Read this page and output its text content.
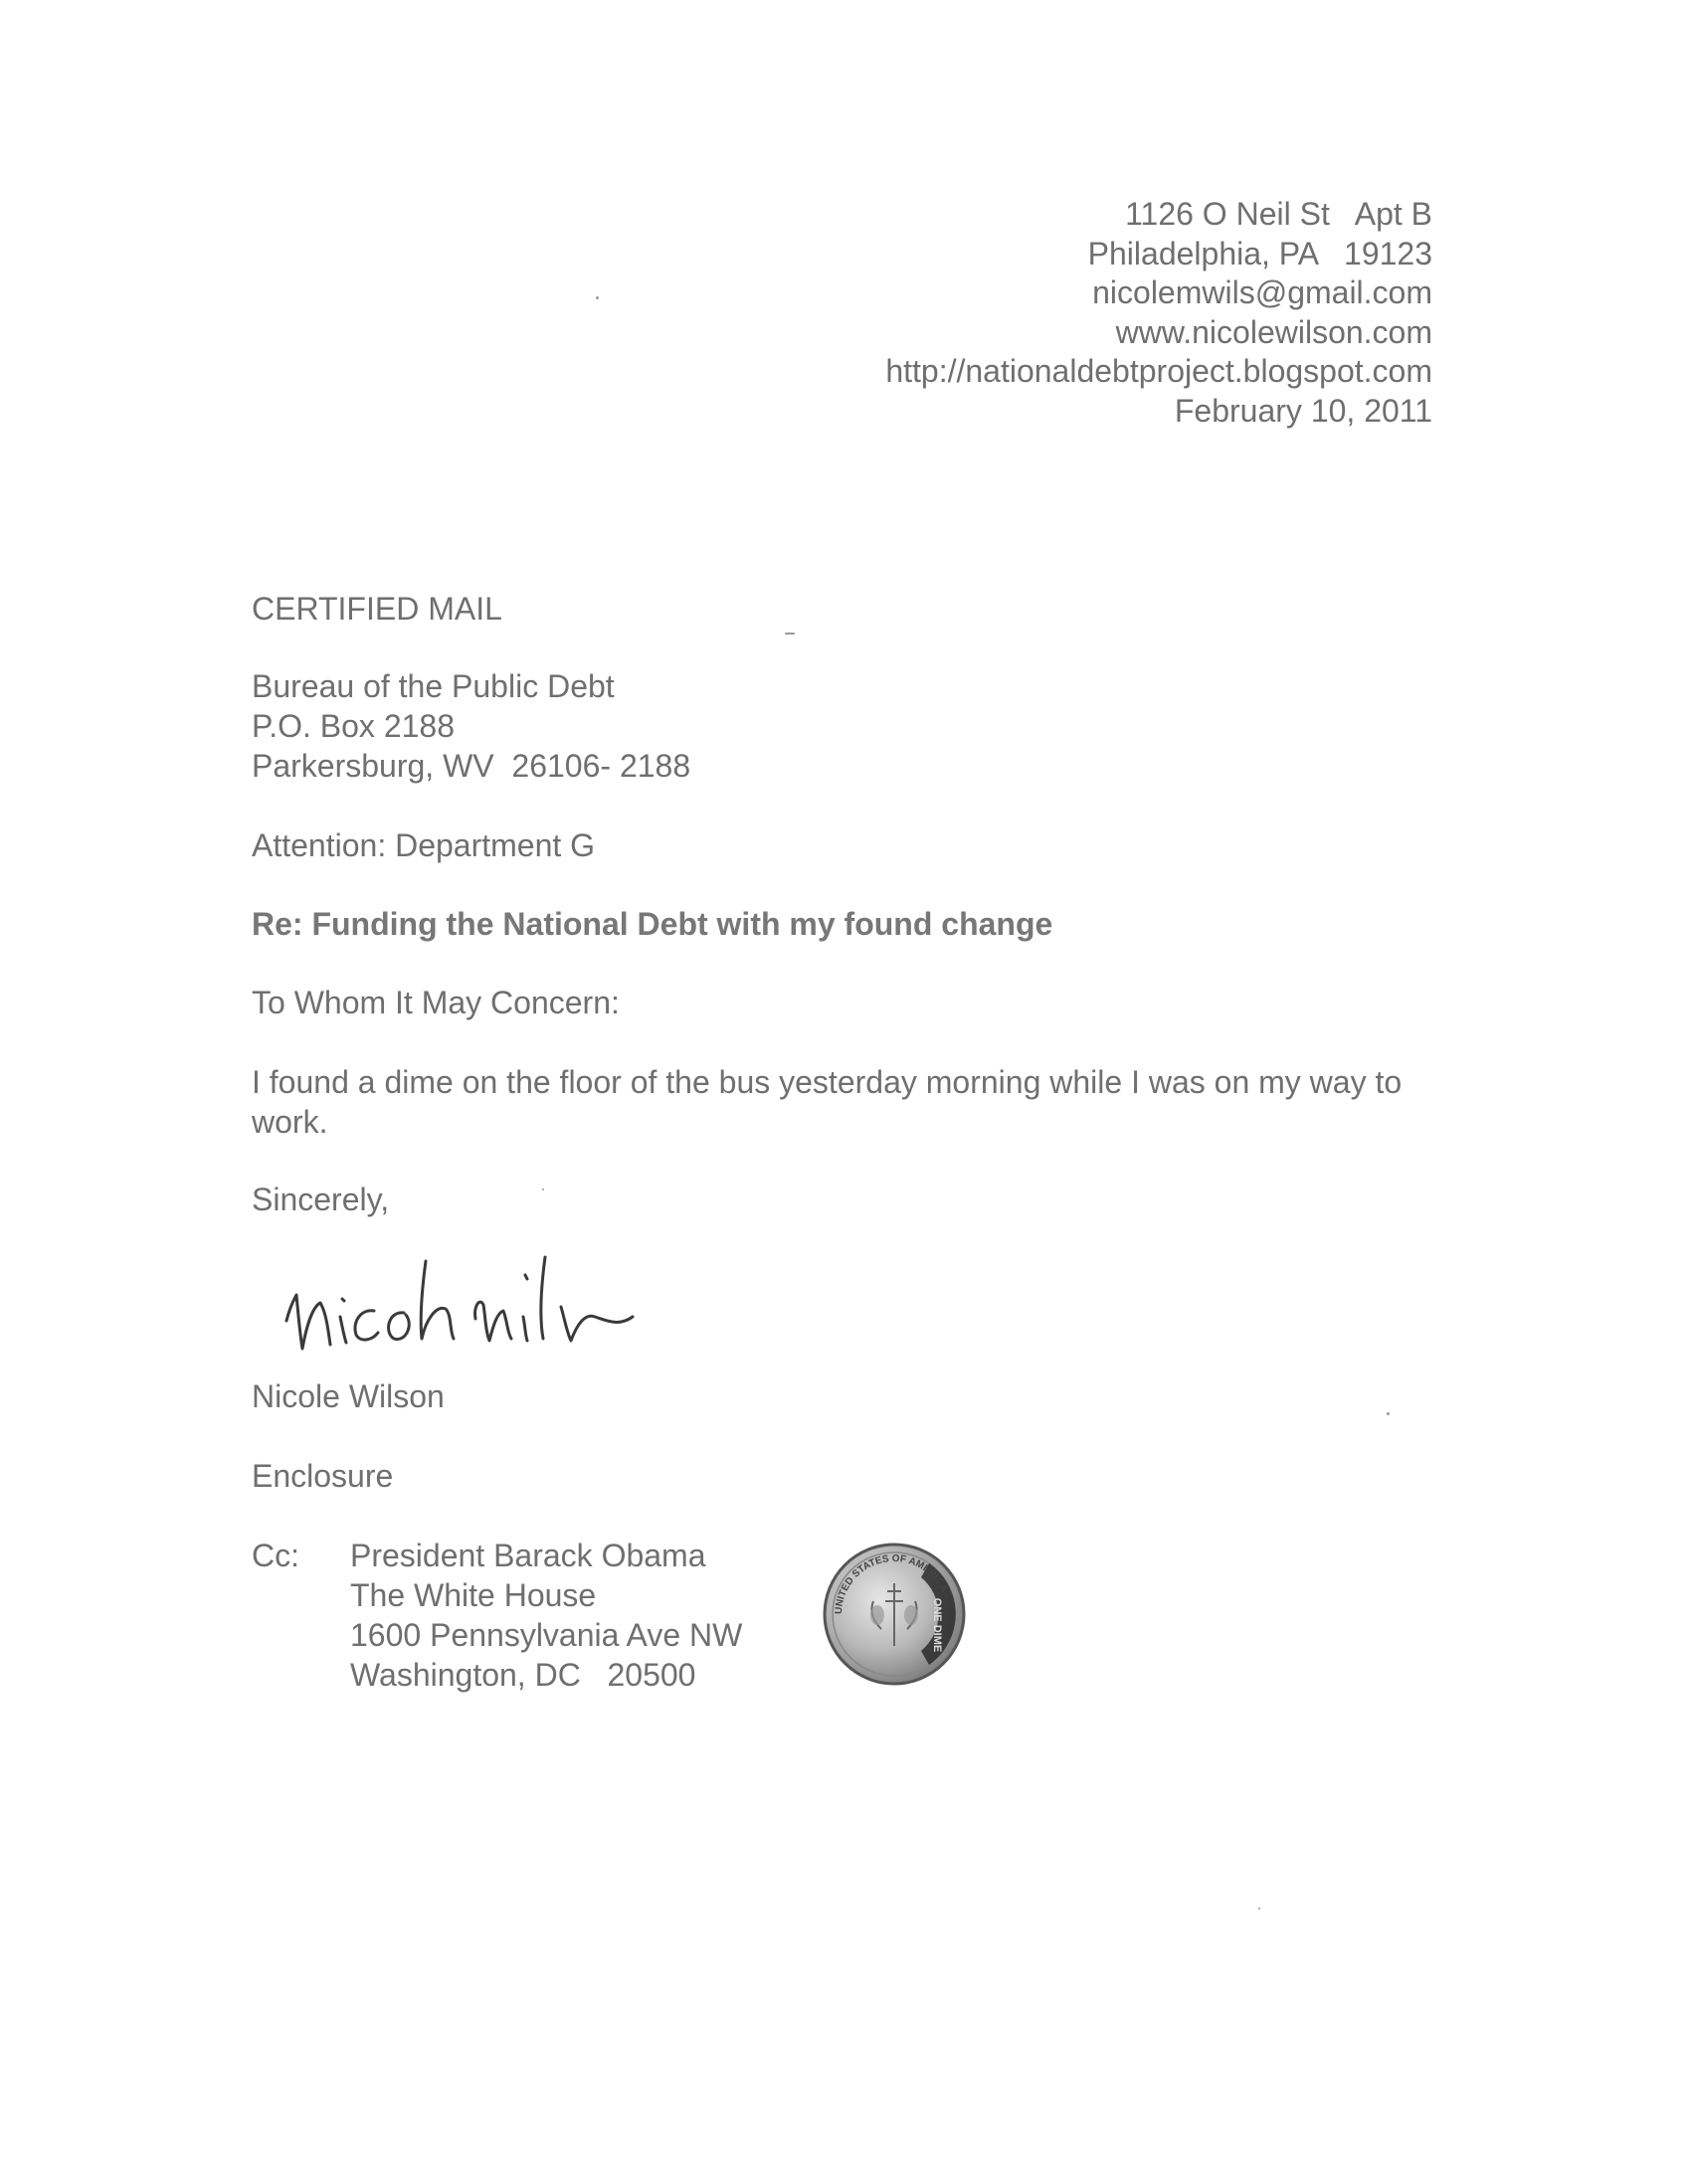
1126 O Neil St   Apt B
Philadelphia, PA   19123
nicolemwils@gmail.com
www.nicolewilson.com
http://nationaldebtproject.blogspot.com
February 10, 2011
CERTIFIED MAIL
Bureau of the Public Debt
P.O. Box 2188
Parkersburg, WV  26106- 2188
Attention: Department G
Re: Funding the National Debt with my found change
To Whom It May Concern:
I found a dime on the floor of the bus yesterday morning while I was on my way to work.
Sincerely,
Nicole Wilson
Enclosure
Cc: President Barack Obama
The White House
1600 Pennsylvania Ave NW
Washington, DC   20500
UNITED STATES OF AMERICA
ONE DIME
